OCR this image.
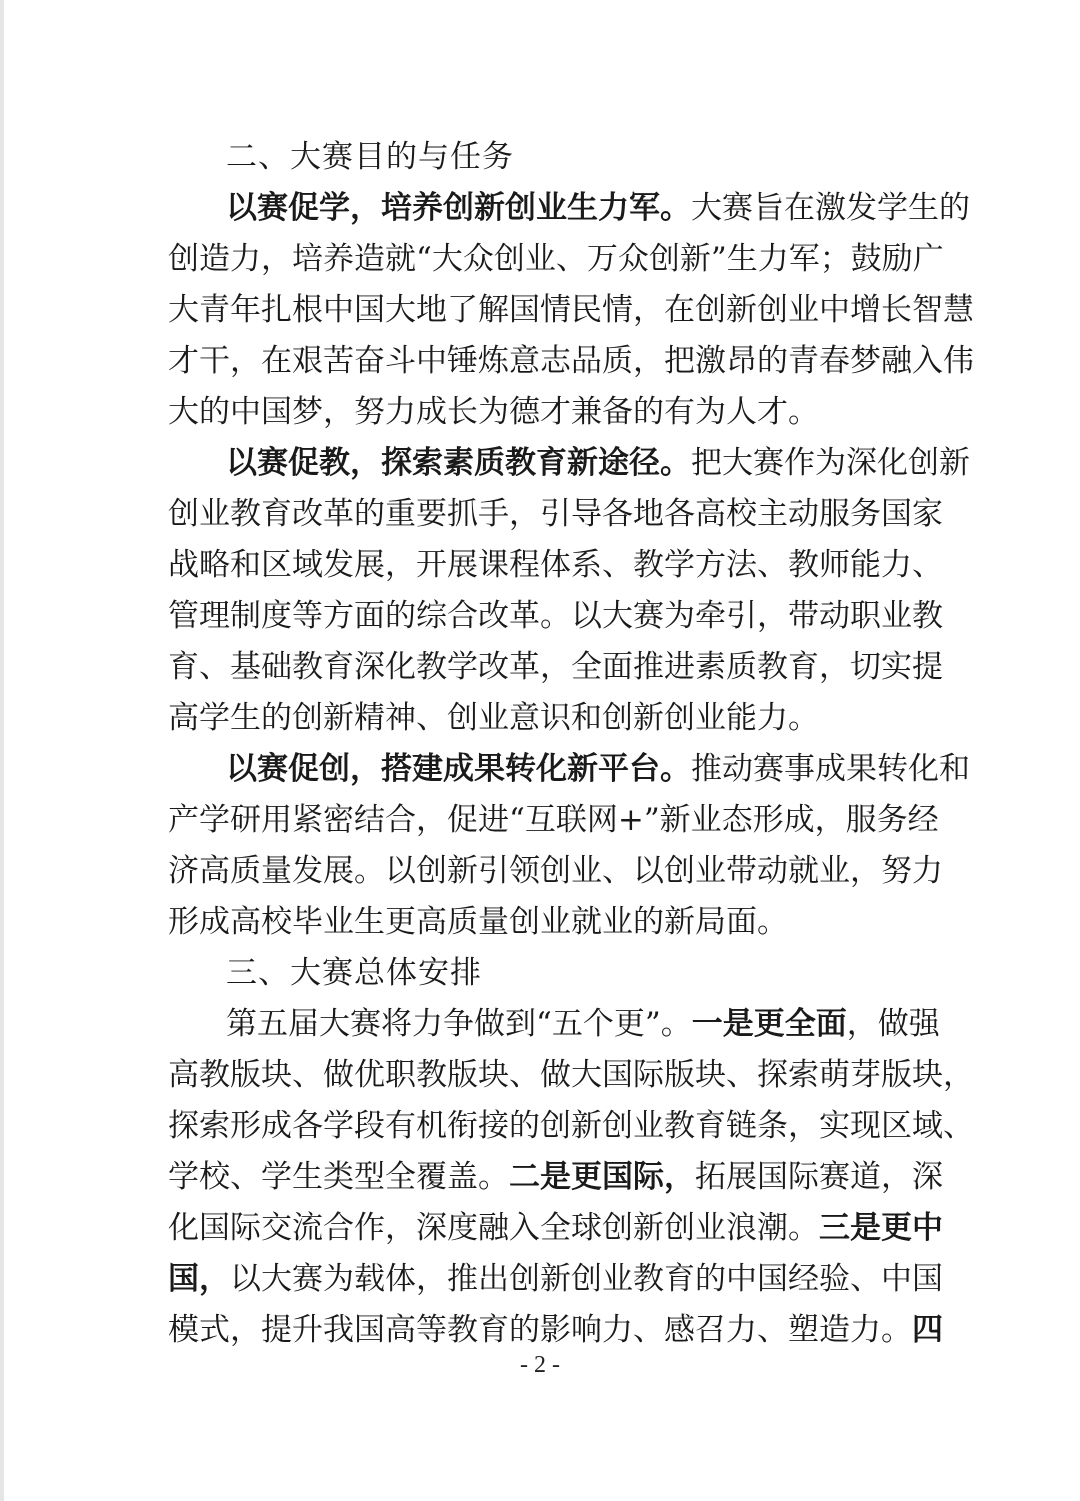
二、大赛目的与任务

以赛促学，培养创新创业生力军。大赛旨在激发学生的
创造力，培养造就“大众创业、万众创新”生力军；鼓励广
大青年扎根中国大地了解国情民情，在创新创业中增长智慧
才干，在艰苦奋斗中锤炼意志品质，把激昂的青春梦融入伟
大的中国梦，努力成长为德才兼备的有为人才。

以赛促教，探索素质教育新途径。把大赛作为深化创新
创业教育改革的重要抓手，引导各地各高校主动服务国家
战略和区域发展，开展课程体系、教学方法、教师能力、
管理制度等方面的综合改革。以大赛为牵引，带动职业教
育、基础教育深化教学改革，全面推进素质教育，切实提
高学生的创新精神、创业意识和创新创业能力。

以赛促创，搭建成果转化新平台。推动赛事成果转化和
产学研用紧密结合，促进“互联网+”新业态形成，服务经
济高质量发展。以创新引领创业、以创业带动就业，努力
形成高校毕业生更高质量创业就业的新局面。

三、大赛总体安排

第五届大赛将力争做到“五个更”。一是更全面，做强
高教版块、做优职教版块、做大国际版块、探索萌芽版块，
探索形成各学段有机衔接的创新创业教育链条，实现区域、
学校、学生类型全覆盖。二是更国际，拓展国际赛道，深
化国际交流合作，深度融入全球创新创业浪潮。三是更中
国，以大赛为载体，推出创新创业教育的中国经验、中国
模式，提升我国高等教育的影响力、感召力、塑造力。四

- 2 -
